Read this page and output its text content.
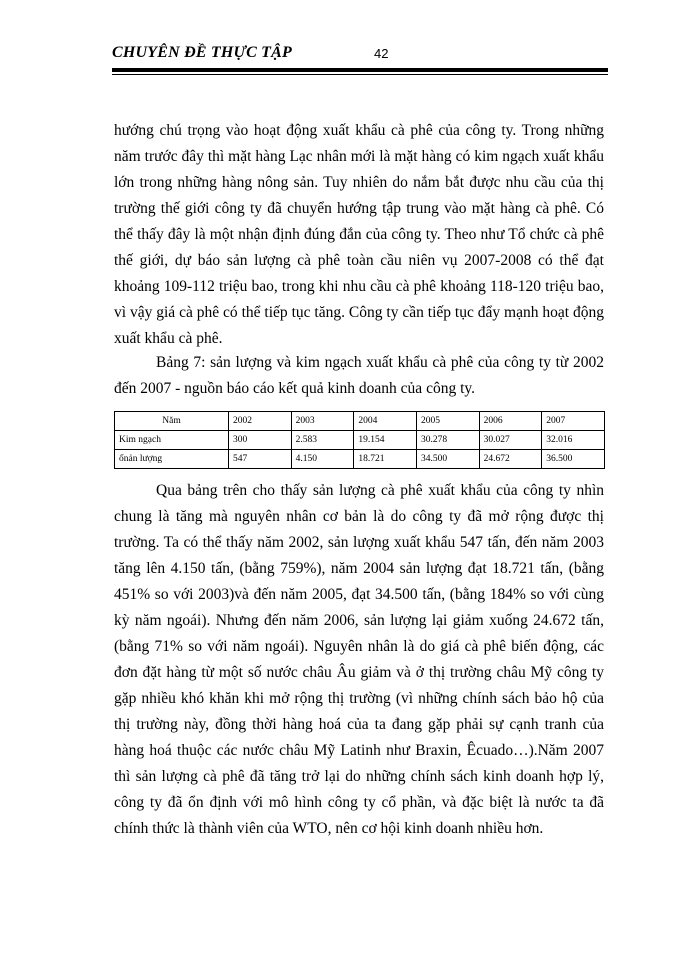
CHUYÊN ĐỀ THỰC TẬP	42

hướng chú trọng vào hoạt động xuất khẩu cà phê của công ty. Trong những năm trước đây thì mặt hàng Lạc nhân mới là mặt hàng có kim ngạch xuất khẩu lớn trong những hàng nông sản. Tuy nhiên do nắm bắt được nhu cầu của thị trường thế giới công ty đã chuyển hướng tập trung vào mặt hàng cà phê. Có thể thấy đây là một nhận định đúng đắn của công ty. Theo như Tổ chức cà phê thế giới, dự báo sản lượng cà phê toàn cầu niên vụ 2007-2008 có thể đạt khoảng 109-112 triệu bao, trong khi nhu cầu cà phê khoảng 118-120 triệu bao, vì vậy giá cà phê có thể tiếp tục tăng. Công ty cần tiếp tục đẩy mạnh hoạt động xuất khẩu cà phê.

Bảng 7: sản lượng và kim ngạch xuất khẩu cà phê của công ty từ 2002 đến 2007 - nguồn báo cáo kết quả kinh doanh của công ty.

Năm	2002	2003	2004	2005	2006	2007
Kim ngạch	300	2.583	19.154	30.278	30.027	32.016
ốnản lượng	547	4.150	18.721	34.500	24.672	36.500

Qua bảng trên cho thấy sản lượng cà phê xuất khẩu của công ty nhìn chung là tăng mà nguyên nhân cơ bản là do công ty đã mở rộng được thị trường. Ta có thể thấy năm 2002, sản lượng xuất khẩu 547 tấn, đến năm 2003 tăng lên 4.150 tấn, (bằng 759%), năm 2004 sản lượng đạt 18.721 tấn, (bằng 451% so với 2003)và đến năm 2005, đạt 34.500 tấn, (bằng 184% so với cùng kỳ năm ngoái). Nhưng đến năm 2006, sản lượng lại giảm xuống 24.672 tấn, (bằng 71% so với năm ngoái). Nguyên nhân là do giá cà phê biến động, các đơn đặt hàng từ một số nước châu Âu giảm và ở thị trường châu Mỹ công ty gặp nhiều khó khăn khi mở rộng thị trường (vì những chính sách bảo hộ của thị trường này, đồng thời hàng hoá của ta đang gặp phải sự cạnh tranh của hàng hoá thuộc các nước châu Mỹ Latinh như Braxin, Êcuado…).Năm 2007 thì sản lượng cà phê đã tăng trở lại do những chính sách kinh doanh hợp lý, công ty đã ổn định với mô hình công ty cổ phần, và đặc biệt là nước ta đã chính thức là thành viên của WTO, nên cơ hội kinh doanh nhiều hơn.
